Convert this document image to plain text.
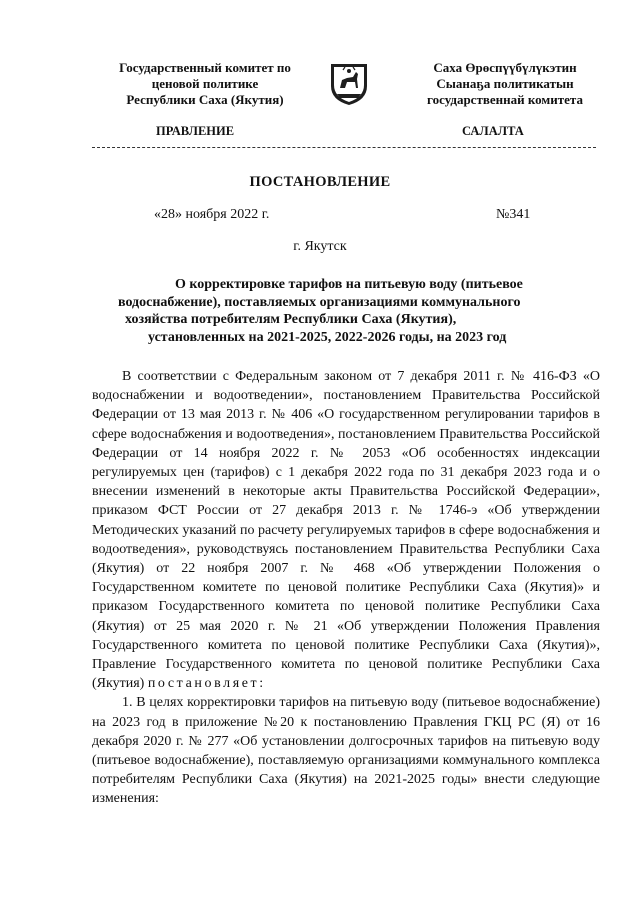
Государственный комитет по
ценовой политике
Республики Саха (Якутия)
Саха Өрөспүүбүлүкэтин
Сыанаҕа политикатын
государственнай комитета
ПРАВЛЕНИЕ	САЛАЛТА
ПОСТАНОВЛЕНИЕ
«28» ноября 2022 г.	№341
г. Якутск
О корректировке тарифов на питьевую воду (питьевое
водоснабжение), поставляемых организациями коммунального
хозяйства потребителям Республики Саха (Якутия),
установленных на 2021-2025, 2022-2026 годы, на 2023 год

В соответствии с Федеральным законом от 7 декабря 2011 г. № 416-ФЗ «О водоснабжении и водоотведении», постановлением Правительства Российской Федерации от 13 мая 2013 г. № 406 «О государственном регулировании тарифов в сфере водоснабжения и водоотведения», постановлением Правительства Российской Федерации от 14 ноября 2022 г. № 2053 «Об особенностях индексации регулируемых цен (тарифов) с 1 декабря 2022 года по 31 декабря 2023 года и о внесении изменений в некоторые акты Правительства Российской Федерации», приказом ФСТ России от 27 декабря 2013 г. № 1746-э «Об утверждении Методических указаний по расчету регулируемых тарифов в сфере водоснабжения и водоотведения», руководствуясь постановлением Правительства Республики Саха (Якутия) от 22 ноября 2007 г. № 468 «Об утверждении Положения о Государственном комитете по ценовой политике Республики Саха (Якутия)» и приказом Государственного комитета по ценовой политике Республики Саха (Якутия) от 25 мая 2020 г. № 21 «Об утверждении Положения Правления Государственного комитета по ценовой политике Республики Саха (Якутия)», Правление Государственного комитета по ценовой политике Республики Саха (Якутия) постановляет:

1. В целях корректировки тарифов на питьевую воду (питьевое водоснабжение) на 2023 год в приложение №20 к постановлению Правления ГКЦ РС (Я) от 16 декабря 2020 г. № 277 «Об установлении долгосрочных тарифов на питьевую воду (питьевое водоснабжение), поставляемую организациями коммунального комплекса потребителям Республики Саха (Якутия) на 2021-2025 годы» внести следующие изменения:
